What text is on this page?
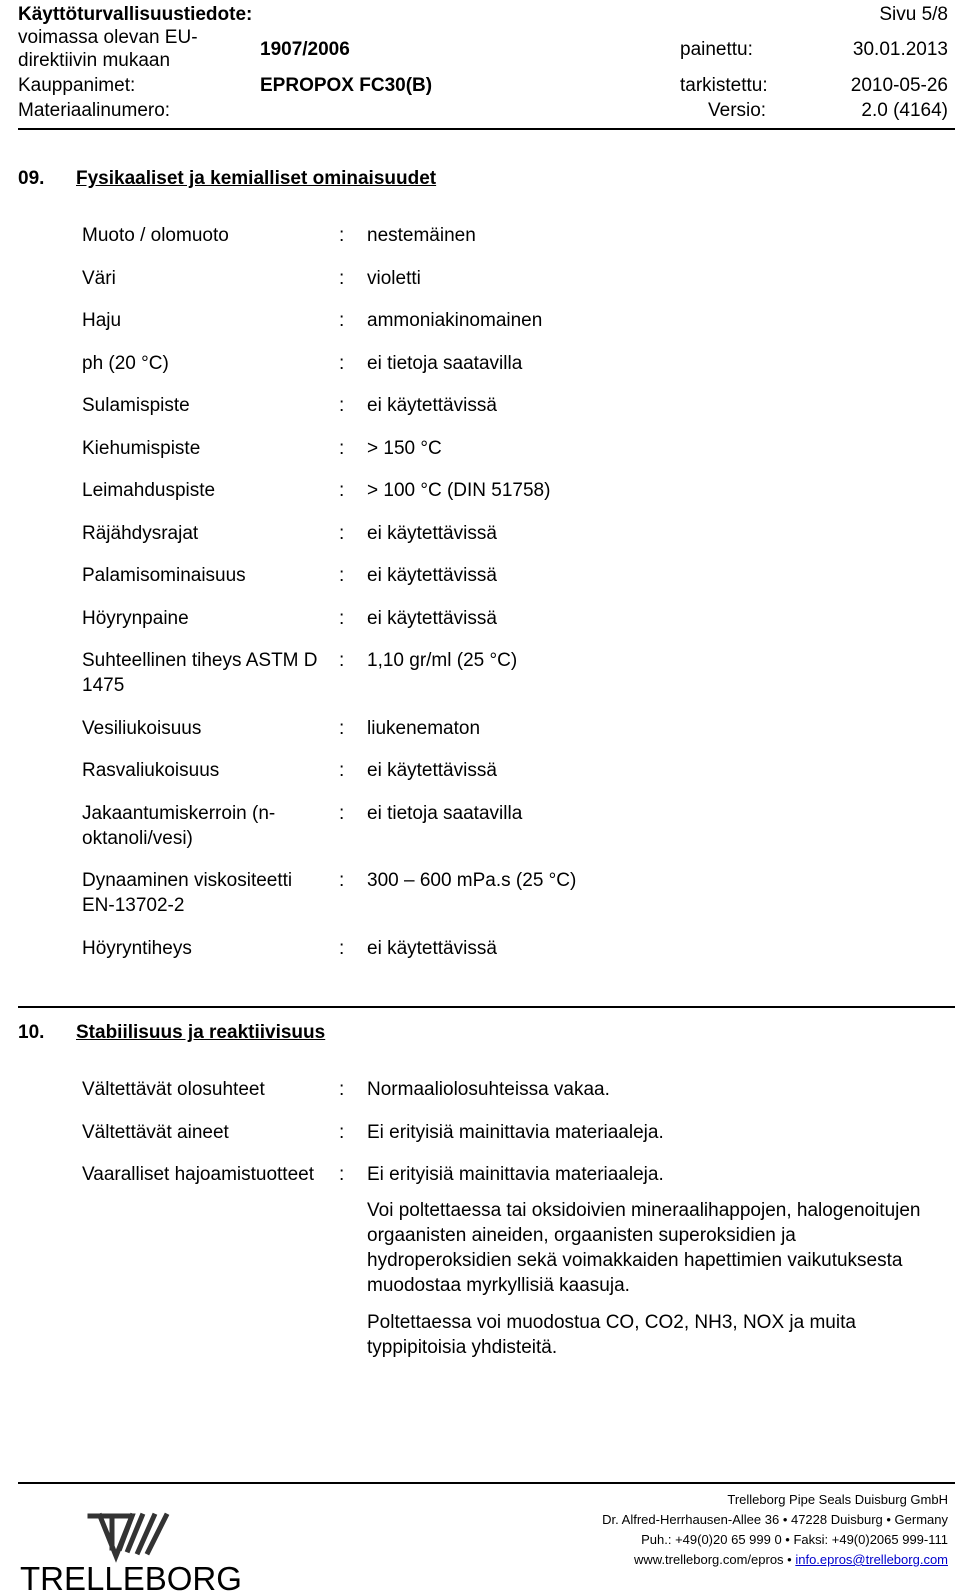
Käyttöturvallisuustiedote:	Sivu 5/8
voimassa olevan EU-
direktiivin mukaan
1907/2006	painettu:	30.01.2013
Kauppanimet:	EPROPOX FC30(B)	tarkistettu:	2010-05-26
Materiaalinumero:	Versio:	2.0 (4164)
09. Fysikaaliset ja kemialliset ominaisuudet
Muoto / olomuoto	: nestemäinen
Väri	: violetti
Haju	: ammoniakinomainen
ph (20 °C)	: ei tietoja saatavilla
Sulamispiste	: ei käytettävissä
Kiehumispiste	: > 150 °C
Leimahduspiste	: > 100 °C (DIN 51758)
Räjähdysrajat	: ei käytettävissä
Palamisominaisuus	: ei käytettävissä
Höyrynpaine	: ei käytettävissä
Suhteellinen tiheys ASTM D 1475
: 1,10 gr/ml (25 °C)
Vesiliukoisuus	: liukenematon
Rasvaliukoisuus	: ei käytettävissä
Jakaantumiskerroin (n-oktanoli/vesi)
: ei tietoja saatavilla
Dynaaminen viskositeetti EN-13702-2
: 300 – 600 mPa.s (25 °C)
Höyryntiheys	: ei käytettävissä
10. Stabiilisuus ja reaktiivisuus
Vältettävät olosuhteet	: Normaaliolosuhteissa vakaa.
Vältettävät aineet	: Ei erityisiä mainittavia materiaaleja.
Vaaralliset hajoamistuotteet	: Ei erityisiä mainittavia materiaaleja.
Voi poltettaessa tai oksidoivien mineraalihappojen, halogenoitujen orgaanisten aineiden, orgaanisten superoksidien ja hydroperoksidien sekä voimakkaiden hapettimien vaikutuksesta muodostaa myrkyllisiä kaasuja.
Poltettaessa voi muodostua CO, CO2, NH3, NOX ja muita typpipitoisia yhdisteitä.
TRELLEBORG
Trelleborg Pipe Seals Duisburg GmbH
Dr. Alfred-Herrhausen-Allee 36 • 47228 Duisburg • Germany
Puh.: +49(0)20 65 999 0 • Faksi: +49(0)2065 999-111
www.trelleborg.com/epros • info.epros@trelleborg.com
